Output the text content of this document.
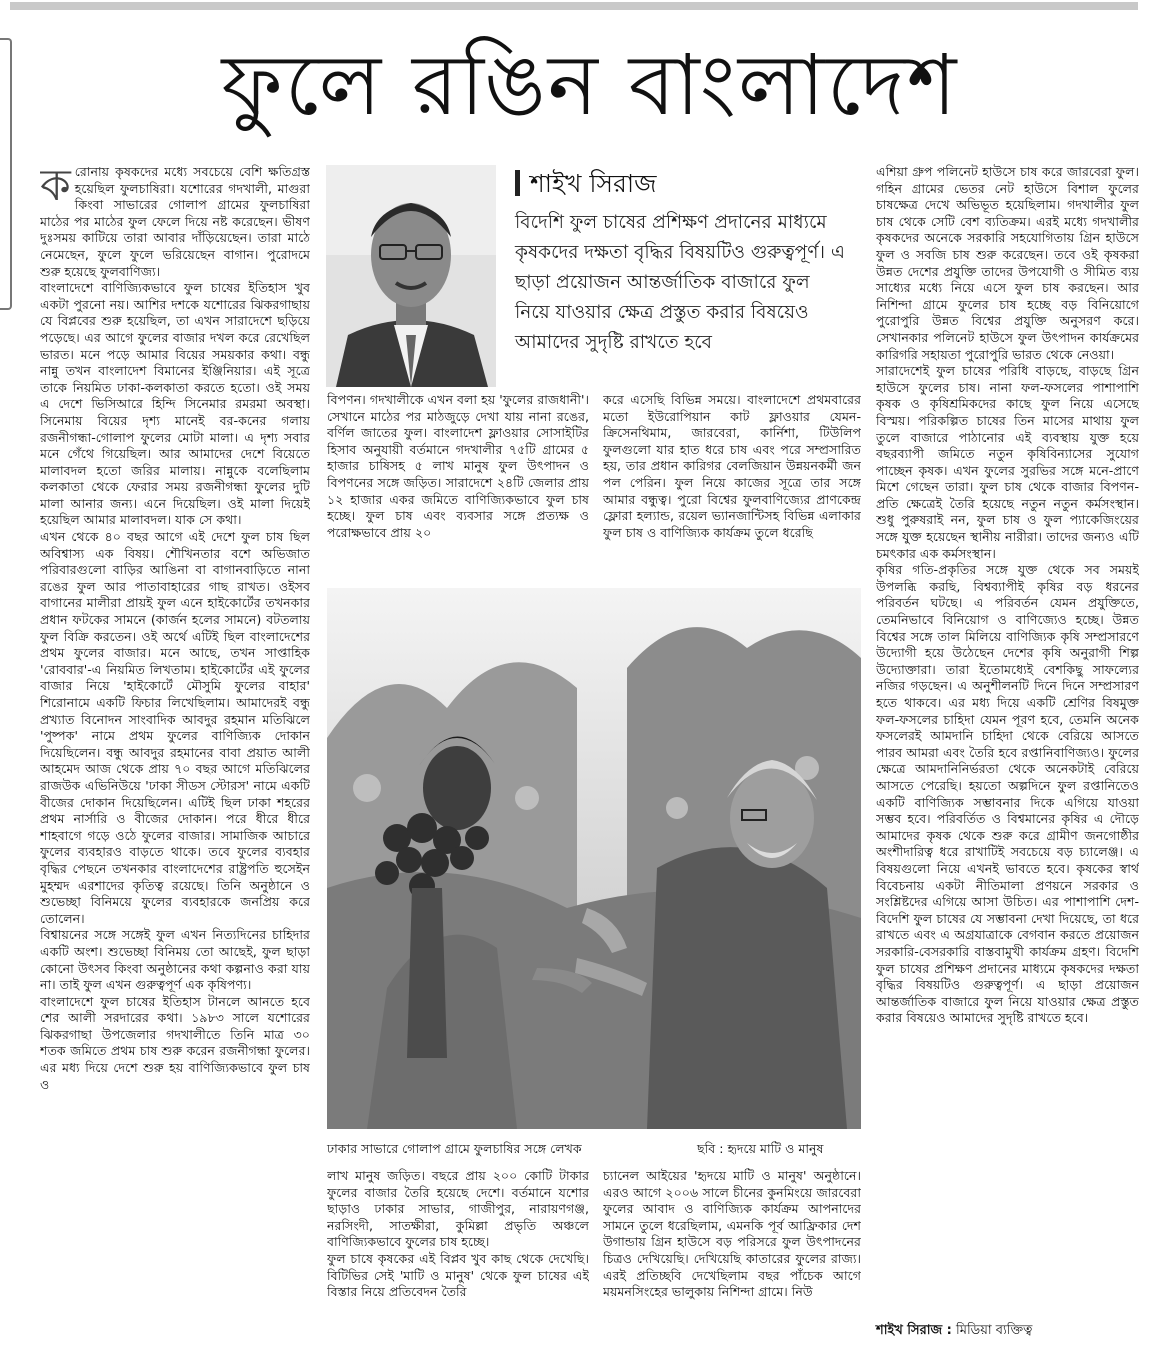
ফুলে রঙিন বাংলাদেশ

করোনায় কৃষকদের মধ্যে সবচেয়ে বেশি ক্ষতিগ্রস্ত হয়েছিল ফুলচাষিরা। যশোরের গদখালী, মাগুরা কিংবা সাভারের গোলাপ গ্রামের ফুলচাষিরা মাঠের পর মাঠের ফুল ফেলে দিয়ে নষ্ট করেছেন। ভীষণ দুঃসময় কাটিয়ে তারা আবার দাঁড়িয়েছেন। তারা মাঠে নেমেছেন, ফুলে ফুলে ভরিয়েছেন বাগান। পুরোদমে শুরু হয়েছে ফুলবাণিজ্য।

বাংলাদেশে বাণিজ্যিকভাবে ফুল চাষের ইতিহাস খুব একটা পুরনো নয়। আশির দশকে যশোরের ঝিকরগাছায় যে বিপ্লবের শুরু হয়েছিল, তা এখন সারাদেশে ছড়িয়ে পড়েছে। এর আগে ফুলের বাজার দখল করে রেখেছিল ভারত। মনে পড়ে আমার বিয়ের সময়কার কথা। বন্ধু নান্নু তখন বাংলাদেশ বিমানের ইঞ্জিনিয়ার। এই সূত্রে তাকে নিয়মিত ঢাকা-কলকাতা করতে হতো। ওই সময় এ দেশে ভিসিআরে হিন্দি সিনেমার রমরমা অবস্থা। সিনেমায় বিয়ের দৃশ্য মানেই বর-কনের গলায় রজনীগন্ধা-গোলাপ ফুলের মোটা মালা। এ দৃশ্য সবার মনে গেঁথে গিয়েছিল। আর আমাদের দেশে বিয়েতে মালাবদল হতো জরির মালায়। নান্নুকে বলেছিলাম কলকাতা থেকে ফেরার সময় রজনীগন্ধা ফুলের দুটি মালা আনার জন্য। এনে দিয়েছিল। ওই মালা দিয়েই হয়েছিল আমার মালাবদল। যাক সে কথা।

এখন থেকে ৪০ বছর আগে এই দেশে ফুল চাষ ছিল অবিশ্বাস্য এক বিষয়। শৌখিনতার বশে অভিজাত পরিবারগুলো বাড়ির আঙিনা বা বাগানবাড়িতে নানা রঙের ফুল আর পাতাবাহারের গাছ রাখত। ওইসব বাগানের মালীরা প্রায়ই ফুল এনে হাইকোর্টের তখনকার প্রধান ফটকের সামনে (কার্জন হলের সামনে) বটতলায় ফুল বিক্রি করতেন। ওই অর্থে এটিই ছিল বাংলাদেশের প্রথম ফুলের বাজার। মনে আছে, তখন সাপ্তাহিক 'রোববার'-এ নিয়মিত লিখতাম। হাইকোর্টের এই ফুলের বাজার নিয়ে 'হাইকোর্টে মৌসুমি ফুলের বাহার' শিরোনামে একটি ফিচার লিখেছিলাম। আমাদেরই বন্ধু প্রখ্যাত বিনোদন সাংবাদিক আবদুর রহমান মতিঝিলে 'পুষ্পক' নামে প্রথম ফুলের বাণিজ্যিক দোকান দিয়েছিলেন। বন্ধু আবদুর রহমানের বাবা প্রয়াত আলী আহমেদ আজ থেকে প্রায় ৭০ বছর আগে মতিঝিলের রাজউক এভিনিউয়ে 'ঢাকা সীডস স্টোরস' নামে একটি বীজের দোকান দিয়েছিলেন। এটিই ছিল ঢাকা শহরের প্রথম নার্সারি ও বীজের দোকান। পরে ধীরে ধীরে শাহবাগে গড়ে ওঠে ফুলের বাজার। সামাজিক আচারে ফুলের ব্যবহারও বাড়তে থাকে। তবে ফুলের ব্যবহার বৃদ্ধির পেছনে তখনকার বাংলাদেশের রাষ্ট্রপতি হুসেইন মুহম্মদ এরশাদের কৃতিত্ব রয়েছে। তিনি অনুষ্ঠানে ও শুভেচ্ছা বিনিময়ে ফুলের ব্যবহারকে জনপ্রিয় করে তোলেন।

বিশ্বায়নের সঙ্গে সঙ্গেই ফুল এখন নিত্যদিনের চাহিদার একটি অংশ। শুভেচ্ছা বিনিময় তো আছেই, ফুল ছাড়া কোনো উৎসব কিংবা অনুষ্ঠানের কথা কল্পনাও করা যায় না। তাই ফুল এখন গুরুত্বপূর্ণ এক কৃষিপণ্য।

বাংলাদেশে ফুল চাষের ইতিহাস টানলে আনতে হবে শের আলী সরদারের কথা। ১৯৮৩ সালে যশোরের ঝিকরগাছা উপজেলার গদখালীতে তিনি মাত্র ৩০ শতক জমিতে প্রথম চাষ শুরু করেন রজনীগন্ধা ফুলের। এর মধ্য দিয়ে দেশে শুরু হয় বাণিজ্যিকভাবে ফুল চাষ ও

শাইখ সিরাজ
বিদেশি ফুল চাষের প্রশিক্ষণ প্রদানের মাধ্যমে কৃষকদের দক্ষতা বৃদ্ধির বিষয়টিও গুরুত্বপূর্ণ। এ ছাড়া প্রয়োজন আন্তর্জাতিক বাজারে ফুল নিয়ে যাওয়ার ক্ষেত্র প্রস্তুত করার বিষয়েও আমাদের সুদৃষ্টি রাখতে হবে

বিপণন। গদখালীকে এখন বলা হয় 'ফুলের রাজধানী'। সেখানে মাঠের পর মাঠজুড়ে দেখা যায় নানা রঙের, বর্ণিল জাতের ফুল। বাংলাদেশ ফ্লাওয়ার সোসাইটির হিসাব অনুযায়ী বর্তমানে গদখালীর ৭৫টি গ্রামের ৫ হাজার চাষিসহ ৫ লাখ মানুষ ফুল উৎপাদন ও বিপণনের সঙ্গে জড়িত। সারাদেশে ২৪টি জেলার প্রায় ১২ হাজার একর জমিতে বাণিজ্যিকভাবে ফুল চাষ হচ্ছে। ফুল চাষ এবং ব্যবসার সঙ্গে প্রত্যক্ষ ও পরোক্ষভাবে প্রায় ২০

করে এসেছি বিভিন্ন সময়ে। বাংলাদেশে প্রথমবারের মতো ইউরোপিয়ান কাট ফ্লাওয়ার যেমন- ক্রিসেনথিমাম, জারবেরা, কার্নিশা, টিউলিপ ফুলগুলো যার হাত ধরে চাষ এবং পরে সম্প্রসারিত হয়, তার প্রধান কারিগর বেলজিয়ান উন্নয়নকর্মী জন পল পেরিন। ফুল নিয়ে কাজের সূত্রে তার সঙ্গে আমার বন্ধুত্ব। পুরো বিশ্বের ফুলবাণিজ্যের প্রাণকেন্দ্র ফ্লোরা হল্যান্ড, রয়েল ভ্যানজান্টিসহ বিভিন্ন এলাকার ফুল চাষ ও বাণিজ্যিক কার্যক্রম তুলে ধরেছি

ঢাকার সাভারে গোলাপ গ্রামে ফুলচাষির সঙ্গে লেখক	ছবি : হৃদয়ে মাটি ও মানুষ

লাখ মানুষ জড়িত। বছরে প্রায় ২০০ কোটি টাকার ফুলের বাজার তৈরি হয়েছে দেশে। বর্তমানে যশোর ছাড়াও ঢাকার সাভার, গাজীপুর, নারায়ণগঞ্জ, নরসিংদী, সাতক্ষীরা, কুমিল্লা প্রভৃতি অঞ্চলে বাণিজ্যিকভাবে ফুলের চাষ হচ্ছে।

ফুল চাষে কৃষকের এই বিপ্লব খুব কাছ থেকে দেখেছি। বিটিভির সেই 'মাটি ও মানুষ' থেকে ফুল চাষের এই বিস্তার নিয়ে প্রতিবেদন তৈরি

চ্যানেল আইয়ের 'হৃদয়ে মাটি ও মানুষ' অনুষ্ঠানে। এরও আগে ২০০৬ সালে চীনের কুনমিংয়ে জারবেরা ফুলের আবাদ ও বাণিজ্যিক কার্যক্রম আপনাদের সামনে তুলে ধরেছিলাম, এমনকি পূর্ব আফ্রিকার দেশ উগান্ডায় গ্রিন হাউসে বড় পরিসরে ফুল উৎপাদনের চিত্রও দেখিয়েছি। দেখিয়েছি কাতারের ফুলের রাজ্য। এরই প্রতিচ্ছবি দেখেছিলাম বছর পাঁচেক আগে ময়মনসিংহের ভালুকায় নিশিন্দা গ্রামে। নিউ

এশিয়া গ্রুপ পলিনেট হাউসে চাষ করে জারবেরা ফুল। গহিন গ্রামের ভেতর নেট হাউসে বিশাল ফুলের চাষক্ষেত্র দেখে অভিভূত হয়েছিলাম। গদখালীর ফুল চাষ থেকে সেটি বেশ ব্যতিক্রম। এরই মধ্যে গদখালীর কৃষকদের অনেকে সরকারি সহযোগিতায় গ্রিন হাউসে ফুল ও সবজি চাষ শুরু করেছেন। তবে ওই কৃষকরা উন্নত দেশের প্রযুক্তি তাদের উপযোগী ও সীমিত ব্যয় সাধ্যের মধ্যে নিয়ে এসে ফুল চাষ করছেন। আর নিশিন্দা গ্রামে ফুলের চাষ হচ্ছে বড় বিনিয়োগে পুরোপুরি উন্নত বিশ্বের প্রযুক্তি অনুসরণ করে। সেখানকার পলিনেট হাউসে ফুল উৎপাদন কার্যক্রমের কারিগরি সহায়তা পুরোপুরি ভারত থেকে নেওয়া।

সারাদেশেই ফুল চাষের পরিধি বাড়ছে, বাড়ছে গ্রিন হাউসে ফুলের চাষ। নানা ফল-ফসলের পাশাপাশি কৃষক ও কৃষিশ্রমিকদের কাছে ফুল নিয়ে এসেছে বিস্ময়। পরিকল্পিত চাষের তিন মাসের মাথায় ফুল তুলে বাজারে পাঠানোর এই ব্যবস্থায় যুক্ত হয়ে বছরব্যাপী জমিতে নতুন কৃষিবিন্যাসের সুযোগ পাচ্ছেন কৃষক। এখন ফুলের সুরভির সঙ্গে মনে-প্রাণে মিশে গেছেন তারা। ফুল চাষ থেকে বাজার বিপণন- প্রতি ক্ষেত্রেই তৈরি হয়েছে নতুন নতুন কর্মসংস্থান। শুধু পুরুষরাই নন, ফুল চাষ ও ফুল প্যাকেজিংয়ের সঙ্গে যুক্ত হয়েছেন স্থানীয় নারীরা। তাদের জন্যও এটি চমৎকার এক কর্মসংস্থান।

কৃষির গতি-প্রকৃতির সঙ্গে যুক্ত থেকে সব সময়ই উপলব্ধি করছি, বিশ্বব্যাপীই কৃষির বড় ধরনের পরিবর্তন ঘটছে। এ পরিবর্তন যেমন প্রযুক্তিতে, তেমনিভাবে বিনিয়োগ ও বাণিজ্যেও হচ্ছে। উন্নত বিশ্বের সঙ্গে তাল মিলিয়ে বাণিজ্যিক কৃষি সম্প্রসারণে উদ্যোগী হয়ে উঠেছেন দেশের কৃষি অনুরাগী শিল্প উদ্যোক্তারা। তারা ইতোমধ্যেই বেশকিছু সাফল্যের নজির গড়ছেন। এ অনুশীলনটি দিনে দিনে সম্প্রসারণ হতে থাকবে। এর মধ্য দিয়ে একটি শ্রেণির বিষমুক্ত ফল-ফসলের চাহিদা যেমন পূরণ হবে, তেমনি অনেক ফসলেরই আমদানি চাহিদা থেকে বেরিয়ে আসতে পারব আমরা এবং তৈরি হবে রপ্তানিবাণিজ্যও। ফুলের ক্ষেত্রে আমদানিনির্ভরতা থেকে অনেকটাই বেরিয়ে আসতে পেরেছি। হয়তো অল্পদিনে ফুল রপ্তানিতেও একটি বাণিজ্যিক সম্ভাবনার দিকে এগিয়ে যাওয়া সম্ভব হবে। পরিবর্তিত ও বিশ্বমানের কৃষির এ দৌড়ে আমাদের কৃষক থেকে শুরু করে গ্রামীণ জনগোষ্ঠীর অংশীদারিত্ব ধরে রাখাটিই সবচেয়ে বড় চ্যালেঞ্জ। এ বিষয়গুলো নিয়ে এখনই ভাবতে হবে। কৃষকের স্বার্থ বিবেচনায় একটা নীতিমালা প্রণয়নে সরকার ও সংশ্লিষ্টদের এগিয়ে আসা উচিত। এর পাশাপাশি দেশ-বিদেশি ফুল চাষের যে সম্ভাবনা দেখা দিয়েছে, তা ধরে রাখতে এবং এ অগ্রযাত্রাকে বেগবান করতে প্রয়োজন সরকারি-বেসরকারি বাস্তবামুখী কার্যক্রম গ্রহণ। বিদেশি ফুল চাষের প্রশিক্ষণ প্রদানের মাধ্যমে কৃষকদের দক্ষতা বৃদ্ধির বিষয়টিও গুরুত্বপূর্ণ। এ ছাড়া প্রয়োজন আন্তর্জাতিক বাজারে ফুল নিয়ে যাওয়ার ক্ষেত্র প্রস্তুত করার বিষয়েও আমাদের সুদৃষ্টি রাখতে হবে।

শাইখ সিরাজ : মিডিয়া ব্যক্তিত্ব
